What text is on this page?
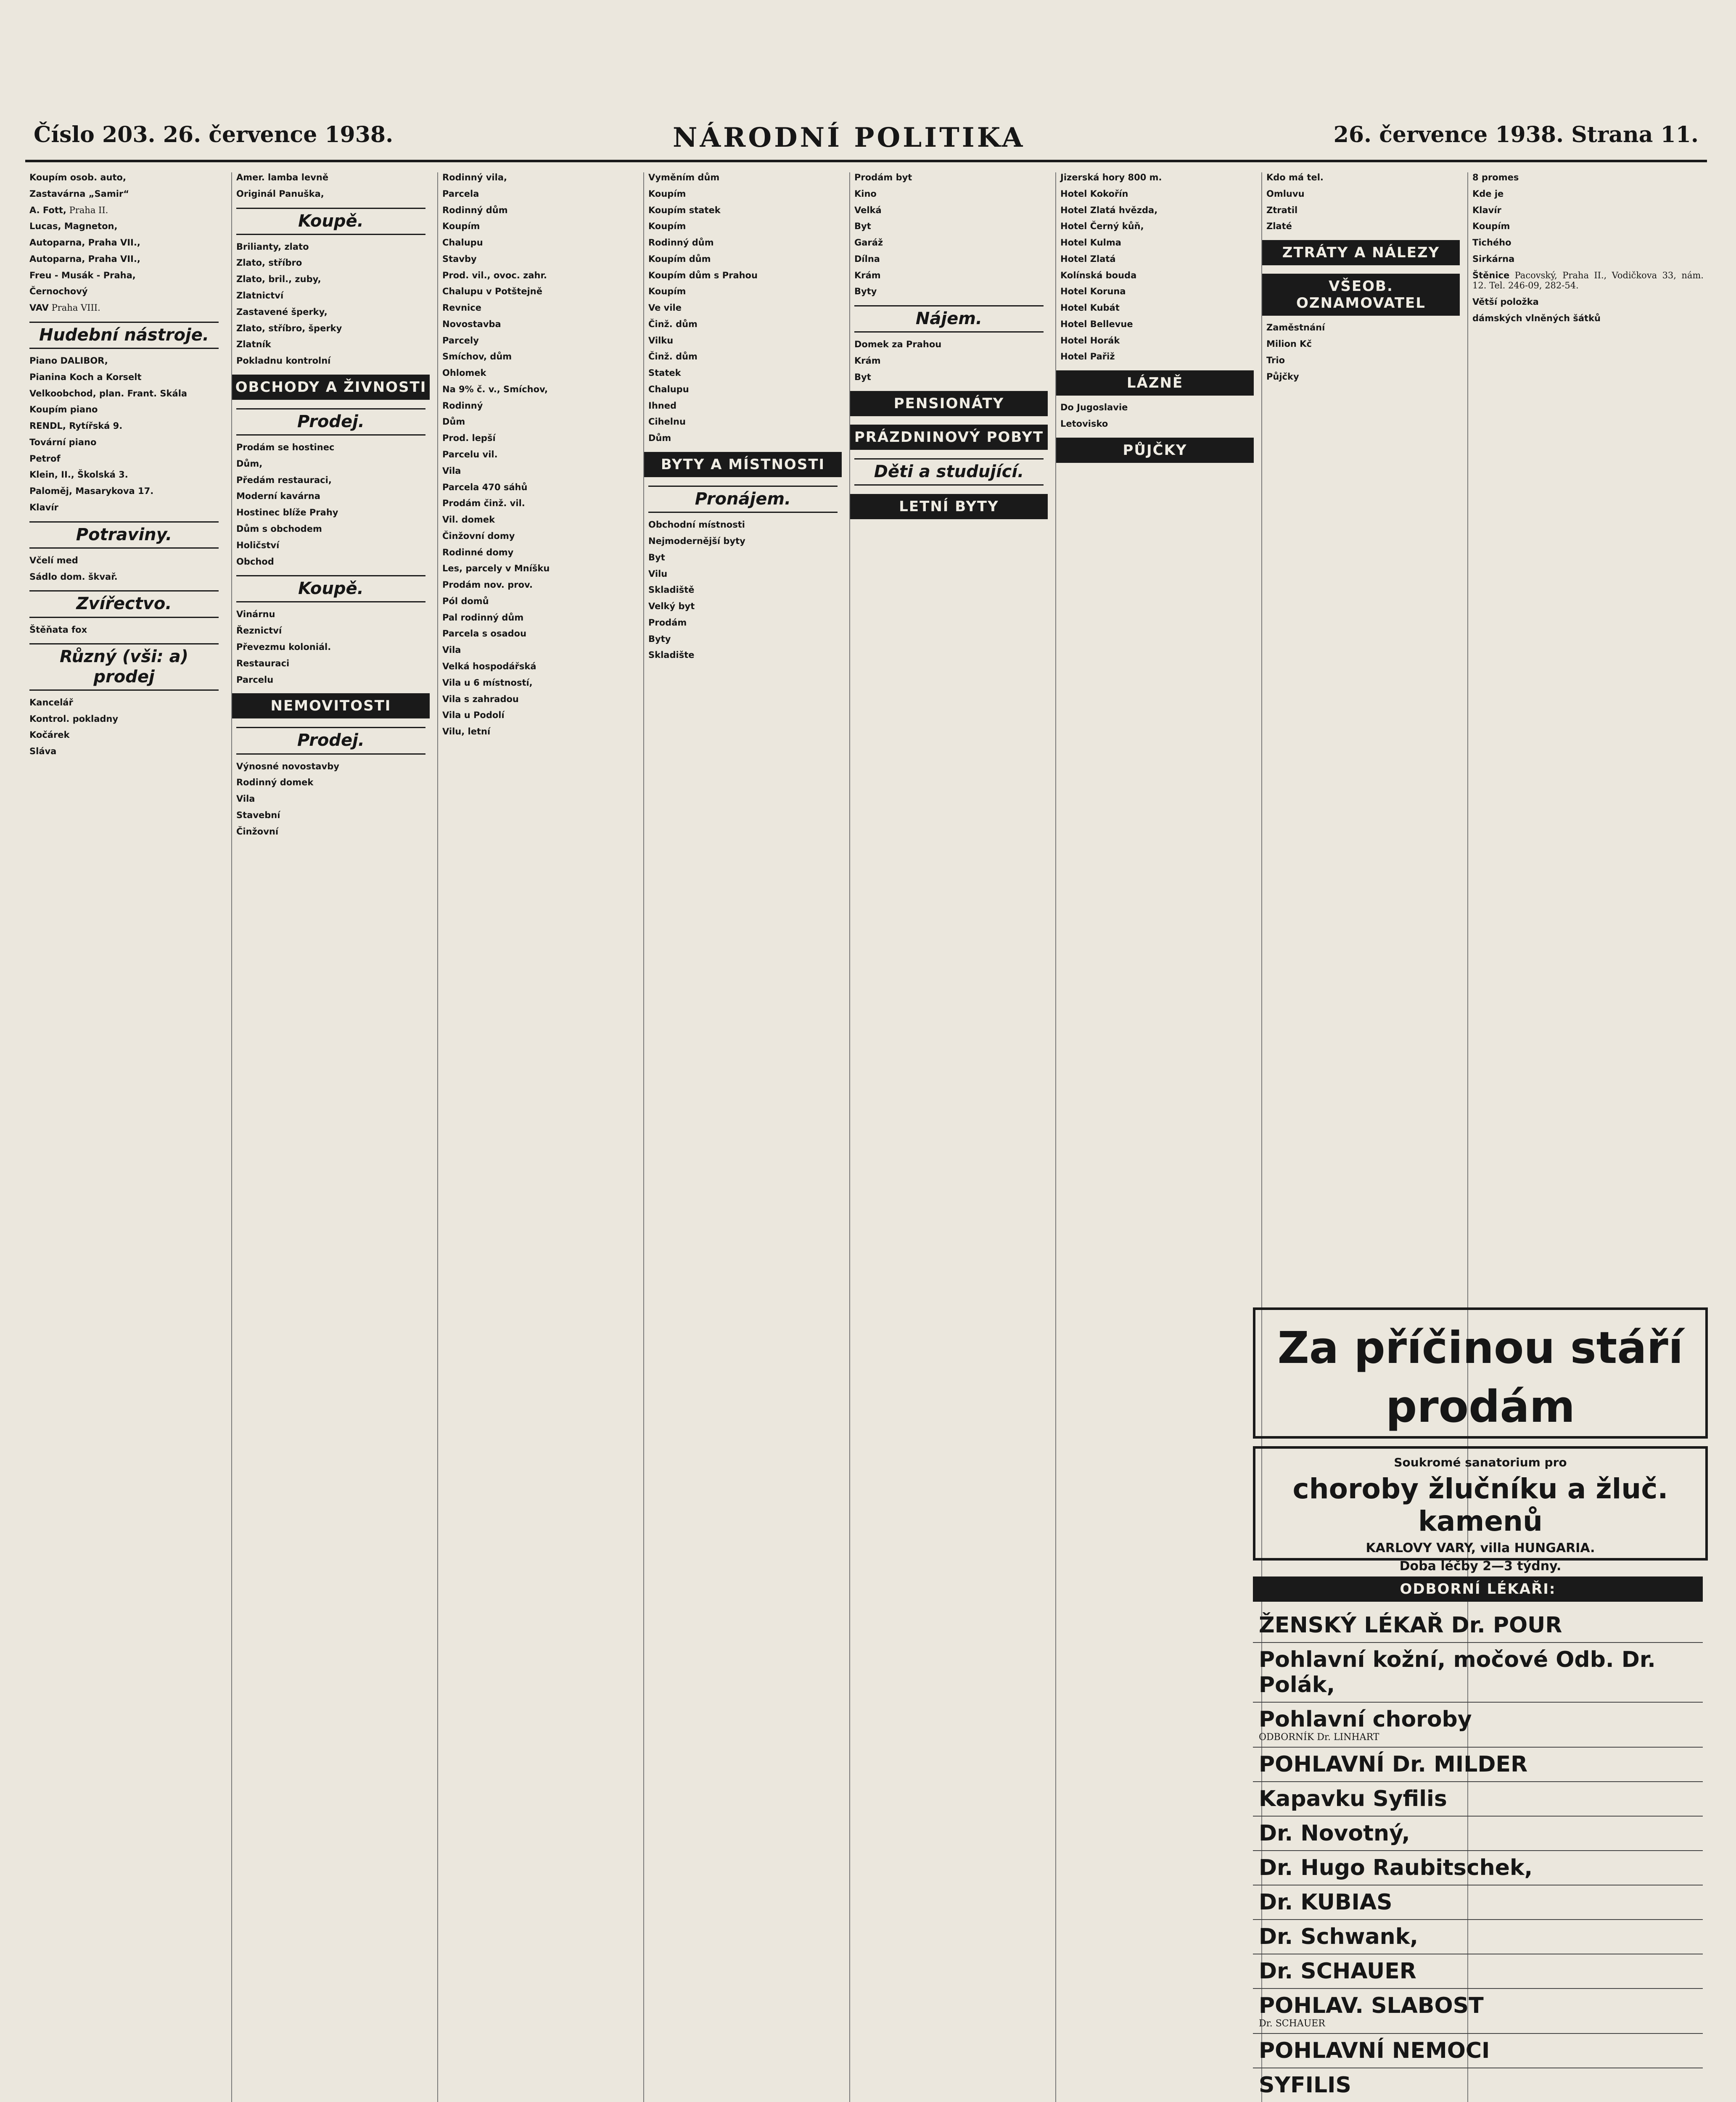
Číslo 203. 26. července 1938.	NÁRODNÍ POLITIKA	26. července 1938. Strana 11.
Koupím osob. auto,
Zastavárna „Samir“
A. Fott, Praha II.
Lucas, Magneton,
Autoparna, Praha VII.,
Autoparna, Praha VII.,
Freu - Musák - Praha,
Černochový
VAV Praha VIII.
Hudební nástroje.
Piano DALIBOR,
Pianina Koch a Korselt
Velkoobchod, plan. Frant. Skála
Koupím piano
RENDL, Rytířská 9.
Tovární piano
Petrof
Klein, II., Školská 3.
Paloměj, Masarykova 17.
Klavír
Potraviny.
Včelí med
Sádlo dom. škvař.
Zvířectvo.
Štěňata fox
Různý (vši: a) prodej
Kancelář
Kontrol. pokladny
Kočárek
Sláva
Amer. lamba levně
Originál Panuška,
Koupě.
Brilianty, zlato
Zlato, stříbro
Zlato, bril., zuby,
Zlatnictví
Zastavené šperky,
Zlato, stříbro, šperky
Zlatník
Pokladnu kontrolní
OBCHODY A ŽIVNOSTI
Prodej.
Prodám se hostinec
Dům,
Předám restauraci,
Moderní kavárna
Hostinec blíže Prahy
Dům s obchodem
Holičství
Obchod
Koupě.
Vinárnu
Řeznictví
Převezmu koloniál.
Restauraci
Parcelu
NEMOVITOSTI
Prodej.
Výnosné novostavby
Rodinný domek
Vila
Stavební
Činžovní
Rodinný vila,
Parcela
Rodinný dům
Koupím
Chalupu
Stavby
Prod. vil., ovoc. zahr.
Chalupu v Potštejně
Revnice
Novostavba
Parcely
Smíchov, dům
Ohlomek
Na 9% č. v., Smíchov,
Rodinný
Dům
Prod. lepší
Parcelu vil.
Vila
Parcela 470 sáhů
Prodám činž. vil.
Vil. domek
Činžovní domy
Rodinné domy
Les, parcely v Mníšku
Prodám nov. prov.
Pól domů
Pal rodinný dům
Parcela s osadou
Vila
Velká hospodářská
Vila u 6 místností,
Vila s zahradou
Vila u Podolí
Vilu, letní
Vyměním dům
Koupím
Koupím statek
Koupím
Rodinný dům
Koupím dům
Koupím dům s Prahou
Koupím
Ve vile
Činž. dům
Vilku
Činž. dům
Statek
Chalupu
Ihned
Cihelnu
Dům
BYTY A MÍSTNOSTI
Pronájem.
Obchodní místnosti
Nejmodernější byty
Byt
Vilu
Skladiště
Velký byt
Prodám
Byty
Skladište
Prodám byt
Kino
Velká
Byt
Garáž
Dílna
Krám
Byty
Nájem.
Domek za Prahou
Krám
Byt
PENSIONÁTY
PRÁZDNINOVÝ POBYT
Děti a studující.
LETNÍ BYTY
Jizerská hory 800 m.
Hotel Kokořín
Hotel Zlatá hvězda,
Hotel Černý kůň,
Hotel Kulma
Hotel Zlatá
Kolínská bouda
Hotel Koruna
Hotel Kubát
Hotel Bellevue
Hotel Horák
Hotel Pařiž
LÁZNĚ
Do Jugoslavie
Letovisko
PŮJČKY
Kdo má tel.
Omluvu
Ztratil
Zlaté
ZTRÁTY A NÁLEZY
VŠEOB. OZNAMOVATEL
Zaměstnání
Milion Kč
Trio
Půjčky
8 promes
Kde je
Klavír
Koupím
Tichého
Sirkárna
Štěnice Pacovský, Praha II., Vodičkova 33, nám. 12. Tel. 246-09, 282-54.
Větší položka
dámských vlněných šátků
Za příčinou stáří prodám
Soukromé sanatorium pro
choroby žlučníku a žluč. kamenů
KARLOVY VARY, villa HUNGARIA.
Doba léčby 2—3 týdny.
ODBORNÍ LÉKAŘI:
ŽENSKÝ LÉKAŘ Dr. POUR
Pohlavní kožní, močové Odb. Dr. Polák,
Pohlavní choroby
ODBORNÍK Dr. LINHART
POHLAVNÍ Dr. MILDER
Kapavku Syfilis
Dr. Novotný,
Dr. Hugo Raubitschek,
Dr. KUBIAS
Dr. Schwank,
Dr. SCHAUER
POHLAV. SLABOST
Dr. SCHAUER
POHLAVNÍ NEMOCI
SYFILIS
